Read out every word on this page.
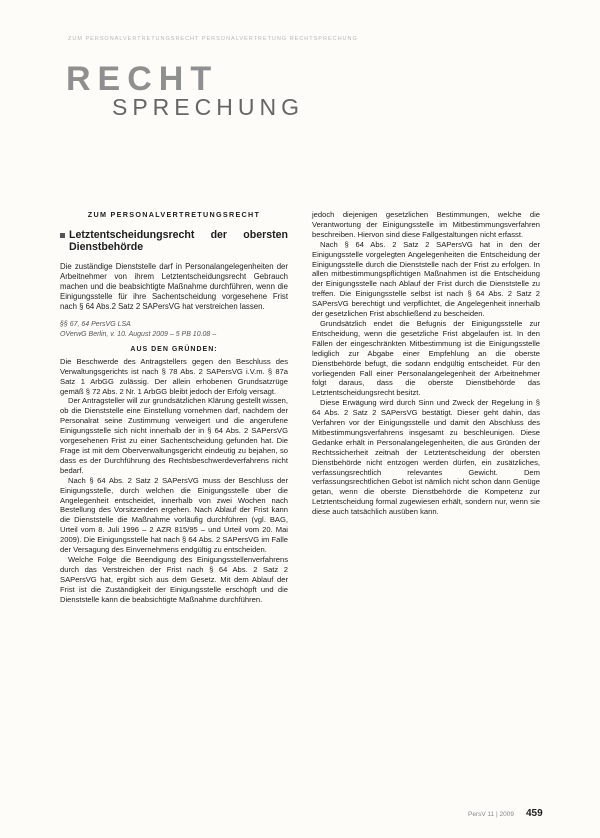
ZUM PERSONALVERTRETUNGSRECHT PERSONALVERTRETUNG RECHTSPRECHUNG
RECHT
SPRECHUNG
ZUM PERSONALVERTRETUNGSRECHT
Letztentscheidungsrecht der obersten Dienstbehörde
Die zuständige Dienststelle darf in Personalangelegenheiten der Arbeitnehmer von ihrem Letztentscheidungsrecht Gebrauch machen und die beabsichtigte Maßnahme durchführen, wenn die Einigungsstelle für ihre Sachentscheidung vorgesehene Frist nach § 64 Abs.2 Satz 2 SAPersVG hat verstreichen lassen.
§§ 67, 64 PersVG LSA
OVerwG Berlin, v. 10. August 2009 – 5 PB 10.08 –
AUS DEN GRÜNDEN:

Die Beschwerde des Antragstellers gegen den Beschluss des Verwaltungsgerichts ist nach § 78 Abs. 2 SAPersVG i.V.m. § 87a Satz 1 ArbGG zulässig. Der allein erhobenen Grundsatzrüge gemäß § 72 Abs. 2 Nr. 1 ArbGG bleibt jedoch der Erfolg versagt.

Der Antragsteller will zur grundsätzlichen Klärung gestellt wissen, ob die Dienststelle eine Einstellung vornehmen darf, nachdem der Personalrat seine Zustimmung verweigert und die angerufene Einigungsstelle sich nicht innerhalb der in § 64 Abs. 2 SAPersVG vorgesehenen Frist zu einer Sachentscheidung gefunden hat. Die Frage ist mit dem Oberverwaltungsgericht eindeutig zu bejahen, so dass es der Durchführung des Rechtsbeschwerdeverfahrens nicht bedarf.

Nach § 64 Abs. 2 Satz 2 SAPersVG muss der Beschluss der Einigungsstelle, durch welchen die Einigungsstelle über die Angelegenheit entscheidet, innerhalb von zwei Wochen nach Bestellung des Vorsitzenden ergehen. Nach Ablauf der Frist kann die Dienststelle die Maßnahme vorläufig durchführen (vgl. BAG, Urteil vom 8. Juli 1996 – 2 AZR 815/95 – und Urteil vom 20. Mai 2009). Die Einigungsstelle hat nach § 64 Abs. 2 SAPersVG im Falle der Versagung des Einvernehmens endgültig zu entscheiden.

Welche Folge die Beendigung des Einigungsstellenverfahrens durch das Verstreichen der Frist nach § 64 Abs. 2 Satz 2 SAPersVG hat, ergibt sich aus dem Gesetz. Mit dem Ablauf der Frist ist die Zuständigkeit der Einigungsstelle erschöpft und die Dienststelle kann die beabsichtigte Maßnahme durchführen.

jedoch diejenigen gesetzlichen Bestimmungen, welche die Verantwortung der Einigungsstelle im Mitbestimmungsverfahren beschreiben. Hiervon sind diese Fallgestaltungen nicht erfasst.

Nach § 64 Abs. 2 Satz 2 SAPersVG hat in den der Einigungsstelle vorgelegten Angelegenheiten die Entscheidung der Einigungsstelle durch die Dienststelle nach der Frist zu erfolgen. In allen mitbestimmungspflichtigen Maßnahmen ist die Entscheidung der Einigungsstelle nach Ablauf der Frist durch die Dienststelle zu treffen. Die Einigungsstelle selbst ist nach § 64 Abs. 2 Satz 2 SAPersVG berechtigt und verpflichtet, die Angelegenheit innerhalb der gesetzlichen Frist abschließend zu bescheiden.

Grundsätzlich endet die Befugnis der Einigungsstelle zur Entscheidung, wenn die gesetzliche Frist abgelaufen ist. In den Fällen der eingeschränkten Mitbestimmung ist die Einigungsstelle lediglich zur Abgabe einer Empfehlung an die oberste Dienstbehörde befugt, die sodann endgültig entscheidet. Für den vorliegenden Fall einer Personalangelegenheit der Arbeitnehmer folgt daraus, dass die oberste Dienstbehörde das Letztentscheidungsrecht besitzt.

Diese Erwägung wird durch Sinn und Zweck der Regelung in § 64 Abs. 2 Satz 2 SAPersVG bestätigt. Dieser geht dahin, das Verfahren vor der Einigungsstelle und damit den Abschluss des Mitbestimmungsverfahrens insgesamt zu beschleunigen. Diese Gedanke erhält in Personalangelegenheiten, die aus Gründen der Rechtssicherheit zeitnah der Letztentscheidung der obersten Dienstbehörde nicht entzogen werden dürfen, ein zusätzliches, verfassungsrechtlich relevantes Gewicht. Dem verfassungsrechtlichen Gebot ist nämlich nicht schon dann Genüge getan, wenn die oberste Dienstbehörde die Kompetenz zur Letztentscheidung formal zugewiesen erhält, sondern nur, wenn sie diese auch tatsächlich ausüben kann.

PersV 11 | 2009 459
